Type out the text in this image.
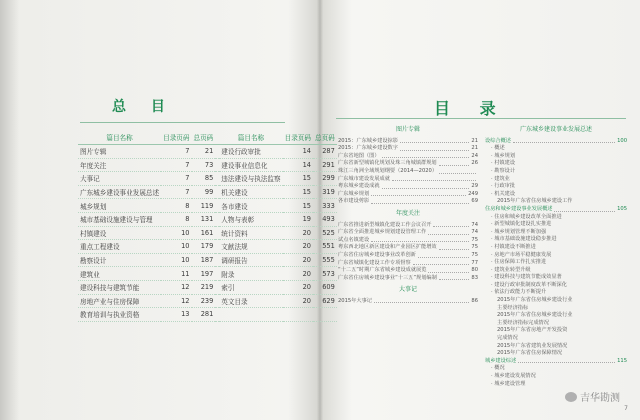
总 目
篇目名称	目录页码	总页码		篇目名称	目录页码	总页码
图片专辑	7	21		建设行政审批	14	287
年度关注	7	73		建设事业信息化	14	291
大事记	7	85		违法建设与执法监察	15	299
广东城乡建设事业发展总述	7	99		机关建设	15	319
城乡规划	8	119		各市建设	15	333
城市基础设施建设与管理	8	131		人物与表彰	19	493
村镇建设	10	161		统计资料	20	525
重点工程建设	10	179		文献法规	20	551
勘察设计	10	187		调研报告	20	555
建筑业	11	197		附录	20	573
建设科技与建筑节能	12	219		索引	20	609
房地产业与住房保障	12	239		英文目录	20	629
教育培训与执业资格	13	281				
目 录
图片专辑
2015：广东城乡建设掠影	21
2015：广东城乡建设数字	21
广东省地图（图）	24
广东省新型城镇化规划及珠三角城镇群规划	26
珠江三角洲全域规划纲要（2014—2020）
广东城市建设发展成就
粤东城乡建设成就	29
广东城乡规划	249
各市建设剪影	69
年度关注
广东省推进新型城镇化建设工作会议召开	74
广东省全面推进城乡规划建设管理工作	74
试点名镇建设	75
粤东西北地区新区建设和产业园区扩能增效	75
广东省住房城乡建设事业改革创新	75
广东省城镇化建设工作专项督察	77
“十二五”时期广东省城乡建设成就展览	80
广东省住房城乡建设事业“十三五”规划编制	83
大事记
2015年大事记	86
广东城乡建设事业发展总述
设综合概述	100
· 概述
· 城乡规划
· 村镇建设
· 勘察设计
· 建筑业
· 行政审批
· 机关建设
2015年广东省住房城乡建设工作
住房和城乡建设事业发展概述	105
· 住房和城乡建设改革全面推进
· 新型城镇化建设扎实推进
· 城乡规划管理不断加强
· 城市基础设施建设稳步推进
· 村镇建设不断推进
· 房地产市场平稳健康发展
· 住房保障工作扎实推进
· 建筑业转型升级
· 建设科技与建筑节能成效显著
· 建设行政审批制度改革不断深化
· 依法行政能力不断提升
2015年广东省住房城乡建设行业
主要经济指标
2015年广东省住房城乡建设行业
主要经济指标完成情况
2015年广东省房地产开发投资
完成情况
2015年广东省建筑业发展情况
2015年广东省住房保障情况
城乡建设综述	115
· 概况
· 城乡建设发展情况
· 城乡建设管理
7
吉华勘测
